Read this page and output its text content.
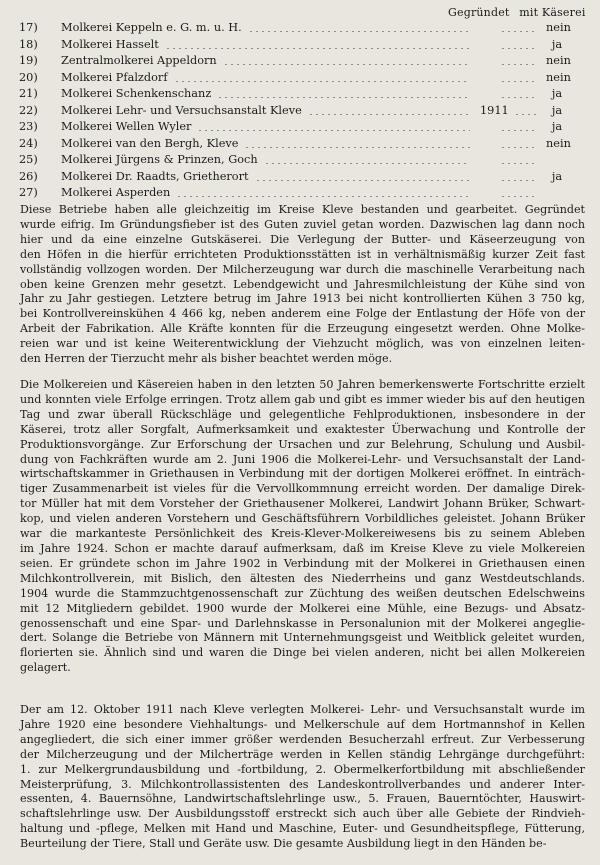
Gegründet mit Käserei
17) Molkerei Keppeln e. G. m. u. H.	nein
18) Molkerei Hasselt	ja
19) Zentralmolkerei Appeldorn	nein
20) Molkerei Pfalzdorf	nein
21) Molkerei Schenkenschanz	ja
22) Molkerei Lehr- und Versuchsanstalt Kleve	1911	ja
23) Molkerei Wellen Wyler	ja
24) Molkerei van den Bergh, Kleve	nein
25) Molkerei Jürgens & Prinzen, Goch
26) Molkerei Dr. Raadts, Grietherort	ja
27) Molkerei Asperden

Diese Betriebe haben alle gleichzeitig im Kreise Kleve bestanden und gearbeitet. Gegründet
wurde eifrig. Im Gründungsfieber ist des Guten zuviel getan worden. Dazwischen lag dann noch
hier und da eine einzelne Gutskäserei. Die Verlegung der Butter- und Käseerzeugung von
den Höfen in die hierfür errichteten Produktionsstätten ist in verhältnismäßig kurzer Zeit fast
vollständig vollzogen worden. Der Milcherzeugung war durch die maschinelle Verarbeitung nach
oben keine Grenzen mehr gesetzt. Lebendgewicht und Jahresmilchleistung der Kühe sind von
Jahr zu Jahr gestiegen. Letztere betrug im Jahre 1913 bei nicht kontrollierten Kühen 3 750 kg,
bei Kontrollvereinskühen 4 466 kg, neben anderem eine Folge der Entlastung der Höfe von der
Arbeit der Fabrikation. Alle Kräfte konnten für die Erzeugung eingesetzt werden. Ohne Molke-
reien war und ist keine Weiterentwicklung der Viehzucht möglich, was von einzelnen leiten-
den Herren der Tierzucht mehr als bisher beachtet werden möge.

Die Molkereien und Käsereien haben in den letzten 50 Jahren bemerkenswerte Fortschritte erzielt
und konnten viele Erfolge erringen. Trotz allem gab und gibt es immer wieder bis auf den heutigen
Tag und zwar überall Rückschläge und gelegentliche Fehlproduktionen, insbesondere in der
Käserei, trotz aller Sorgfalt, Aufmerksamkeit und exaktester Überwachung und Kontrolle der
Produktionsvorgänge. Zur Erforschung der Ursachen und zur Belehrung, Schulung und Ausbil-
dung von Fachkräften wurde am 2. Juni 1906 die Molkerei-Lehr- und Versuchsanstalt der Land-
wirtschaftskammer in Griethausen in Verbindung mit der dortigen Molkerei eröffnet. In einträch-
tiger Zusammenarbeit ist vieles für die Vervollkommnung erreicht worden. Der damalige Direk-
tor Müller hat mit dem Vorsteher der Griethausener Molkerei, Landwirt Johann Brüker, Schwart-
kop, und vielen anderen Vorstehern und Geschäftsführern Vorbildliches geleistet. Johann Brüker
war die markanteste Persönlichkeit des Kreis-Klever-Molkereiwesens bis zu seinem Ableben
im Jahre 1924. Schon er machte darauf aufmerksam, daß im Kreise Kleve zu viele Molkereien
seien. Er gründete schon im Jahre 1902 in Verbindung mit der Molkerei in Griethausen einen
Milchkontrollverein, mit Bislich, den ältesten des Niederrheins und ganz Westdeutschlands.
1904 wurde die Stammzuchtgenossenschaft zur Züchtung des weißen deutschen Edelschweins
mit 12 Mitgliedern gebildet. 1900 wurde der Molkerei eine Mühle, eine Bezugs- und Absatz-
genossenschaft und eine Spar- und Darlehnskasse in Personalunion mit der Molkerei angeglie-
dert. Solange die Betriebe von Männern mit Unternehmungsgeist und Weitblick geleitet wurden,
florierten sie. Ähnlich sind und waren die Dinge bei vielen anderen, nicht bei allen Molkereien
gelagert.

Der am 12. Oktober 1911 nach Kleve verlegten Molkerei- Lehr- und Versuchsanstalt wurde im
Jahre 1920 eine besondere Viehhaltungs- und Melkerschule auf dem Hortmannshof in Kellen
angegliedert, die sich einer immer größer werdenden Besucherzahl erfreut. Zur Verbesserung
der Milcherzeugung und der Milcherträge werden in Kellen ständig Lehrgänge durchgeführt:
1. zur Melkergrundausbildung und -fortbildung, 2. Obermelkerfortbildung mit abschließender
Meisterprüfung, 3. Milchkontrollassistenten des Landeskontrollverbandes und anderer Inter-
essenten, 4. Bauernsöhne, Landwirtschaftslehrlinge usw., 5. Frauen, Bauerntöchter, Hauswirt-
schaftslehrlinge usw. Der Ausbildungsstoff erstreckt sich auch über alle Gebiete der Rindvieh-
haltung und -pflege, Melken mit Hand und Maschine, Euter- und Gesundheitspflege, Fütterung,
Beurteilung der Tiere, Stall und Geräte usw. Die gesamte Ausbildung liegt in den Händen be-
